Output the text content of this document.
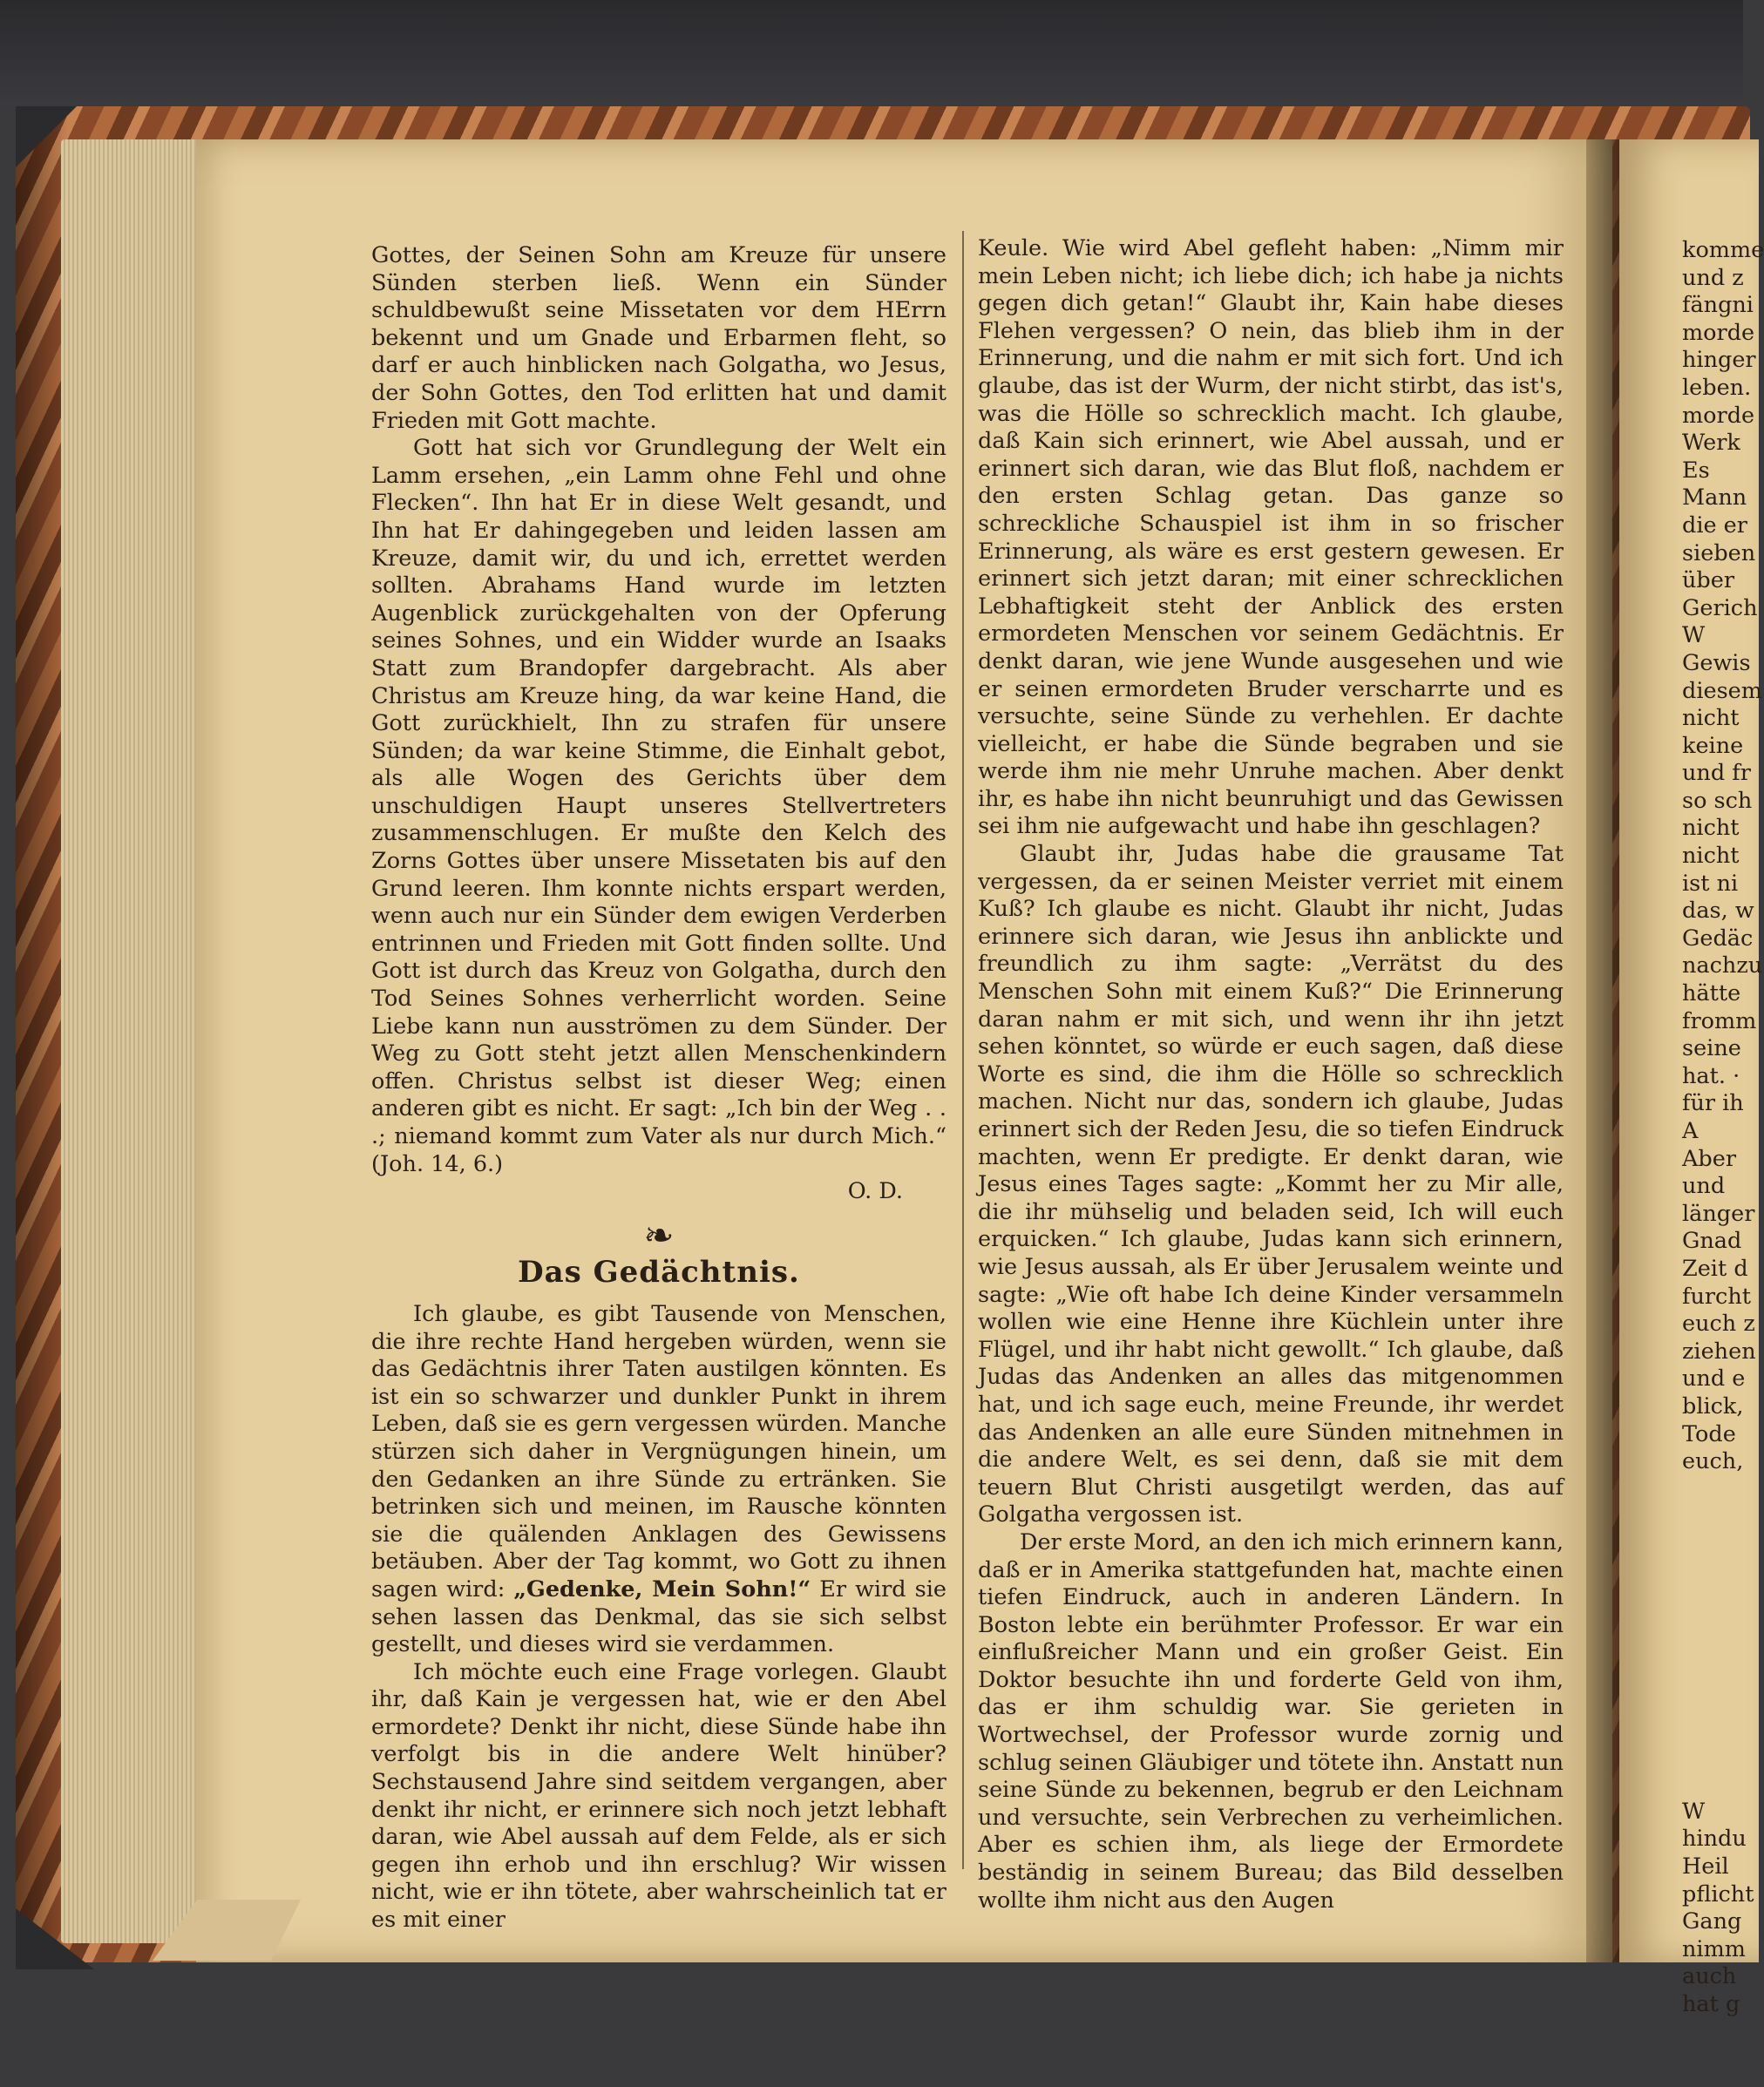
Gottes, der Seinen Sohn am Kreuze für unsere Sünden sterben ließ. Wenn ein Sünder schuldbewußt seine Missetaten vor dem HErrn bekennt und um Gnade und Erbarmen fleht, so darf er auch hinblicken nach Golgatha, wo Jesus, der Sohn Gottes, den Tod erlitten hat und damit Frieden mit Gott machte.

Gott hat sich vor Grundlegung der Welt ein Lamm ersehen, „ein Lamm ohne Fehl und ohne Flecken“. Ihn hat Er in diese Welt gesandt, und Ihn hat Er dahingegeben und leiden lassen am Kreuze, damit wir, du und ich, errettet werden sollten. Abrahams Hand wurde im letzten Augenblick zurückgehalten von der Opferung seines Sohnes, und ein Widder wurde an Isaaks Statt zum Brandopfer dargebracht. Als aber Christus am Kreuze hing, da war keine Hand, die Gott zurückhielt, Ihn zu strafen für unsere Sünden; da war keine Stimme, die Einhalt gebot, als alle Wogen des Gerichts über dem unschuldigen Haupt unseres Stellvertreters zusammenschlugen. Er mußte den Kelch des Zorns Gottes über unsere Missetaten bis auf den Grund leeren. Ihm konnte nichts erspart werden, wenn auch nur ein Sünder dem ewigen Verderben entrinnen und Frieden mit Gott finden sollte. Und Gott ist durch das Kreuz von Golgatha, durch den Tod Seines Sohnes verherrlicht worden. Seine Liebe kann nun ausströmen zu dem Sünder. Der Weg zu Gott steht jetzt allen Menschenkindern offen. Christus selbst ist dieser Weg; einen anderen gibt es nicht. Er sagt: „Ich bin der Weg . . .; niemand kommt zum Vater als nur durch Mich.“ (Joh. 14, 6.)

O. D.

❧
Das Gedächtnis.

Ich glaube, es gibt Tausende von Menschen, die ihre rechte Hand hergeben würden, wenn sie das Gedächtnis ihrer Taten austilgen könnten. Es ist ein so schwarzer und dunkler Punkt in ihrem Leben, daß sie es gern vergessen würden. Manche stürzen sich daher in Vergnügungen hinein, um den Gedanken an ihre Sünde zu ertränken. Sie betrinken sich und meinen, im Rausche könnten sie die quälenden Anklagen des Gewissens betäuben. Aber der Tag kommt, wo Gott zu ihnen sagen wird: „Gedenke, Mein Sohn!“ Er wird sie sehen lassen das Denkmal, das sie sich selbst gestellt, und dieses wird sie verdammen.

Ich möchte euch eine Frage vorlegen. Glaubt ihr, daß Kain je vergessen hat, wie er den Abel ermordete? Denkt ihr nicht, diese Sünde habe ihn verfolgt bis in die andere Welt hinüber? Sechstausend Jahre sind seitdem vergangen, aber denkt ihr nicht, er erinnere sich noch jetzt lebhaft daran, wie Abel aussah auf dem Felde, als er sich gegen ihn erhob und ihn erschlug? Wir wissen nicht, wie er ihn tötete, aber wahrscheinlich tat er es mit einer

Keule. Wie wird Abel gefleht haben: „Nimm mir mein Leben nicht; ich liebe dich; ich habe ja nichts gegen dich getan!“ Glaubt ihr, Kain habe dieses Flehen vergessen? O nein, das blieb ihm in der Erinnerung, und die nahm er mit sich fort. Und ich glaube, das ist der Wurm, der nicht stirbt, das ist's, was die Hölle so schrecklich macht. Ich glaube, daß Kain sich erinnert, wie Abel aussah, und er erinnert sich daran, wie das Blut floß, nachdem er den ersten Schlag getan. Das ganze so schreckliche Schauspiel ist ihm in so frischer Erinnerung, als wäre es erst gestern gewesen. Er erinnert sich jetzt daran; mit einer schrecklichen Lebhaftigkeit steht der Anblick des ersten ermordeten Menschen vor seinem Gedächtnis. Er denkt daran, wie jene Wunde ausgesehen und wie er seinen ermordeten Bruder verscharrte und es versuchte, seine Sünde zu verhehlen. Er dachte vielleicht, er habe die Sünde begraben und sie werde ihm nie mehr Unruhe machen. Aber denkt ihr, es habe ihn nicht beunruhigt und das Gewissen sei ihm nie aufgewacht und habe ihn geschlagen?

Glaubt ihr, Judas habe die grausame Tat vergessen, da er seinen Meister verriet mit einem Kuß? Ich glaube es nicht. Glaubt ihr nicht, Judas erinnere sich daran, wie Jesus ihn anblickte und freundlich zu ihm sagte: „Verrätst du des Menschen Sohn mit einem Kuß?“ Die Erinnerung daran nahm er mit sich, und wenn ihr ihn jetzt sehen könntet, so würde er euch sagen, daß diese Worte es sind, die ihm die Hölle so schrecklich machen. Nicht nur das, sondern ich glaube, Judas erinnert sich der Reden Jesu, die so tiefen Eindruck machten, wenn Er predigte. Er denkt daran, wie Jesus eines Tages sagte: „Kommt her zu Mir alle, die ihr mühselig und beladen seid, Ich will euch erquicken.“ Ich glaube, Judas kann sich erinnern, wie Jesus aussah, als Er über Jerusalem weinte und sagte: „Wie oft habe Ich deine Kinder versammeln wollen wie eine Henne ihre Küchlein unter ihre Flügel, und ihr habt nicht gewollt.“ Ich glaube, daß Judas das Andenken an alles das mitgenommen hat, und ich sage euch, meine Freunde, ihr werdet das Andenken an alle eure Sünden mitnehmen in die andere Welt, es sei denn, daß sie mit dem teuern Blut Christi ausgetilgt werden, das auf Golgatha vergossen ist.

Der erste Mord, an den ich mich erinnern kann, daß er in Amerika stattgefunden hat, machte einen tiefen Eindruck, auch in anderen Ländern. In Boston lebte ein berühmter Professor. Er war ein einflußreicher Mann und ein großer Geist. Ein Doktor besuchte ihn und forderte Geld von ihm, das er ihm schuldig war. Sie gerieten in Wortwechsel, der Professor wurde zornig und schlug seinen Gläubiger und tötete ihn. Anstatt nun seine Sünde zu bekennen, begrub er den Leichnam und versuchte, sein Verbrechen zu verheimlichen. Aber es schien ihm, als liege der Ermordete beständig in seinem Bureau; das Bild desselben wollte ihm nicht aus den Augen

komme
und z
fängni
morde
hinger
leben.
morde
Werk
Es
Mann
die er
sieben
über
Gerich
W
Gewis
diesem
nicht
keine
und fr
so sch
nicht
nicht
ist ni
das, w
Gedäc
nachzu
hätte
fromm
seine
hat. ·
für ih
A
Aber
und
länger
Gnad
Zeit d
furcht
euch z
ziehen
und e
blick,
Tode
euch,
W
hindu
Heil
pflicht
Gang
nimm
auch
hat g
